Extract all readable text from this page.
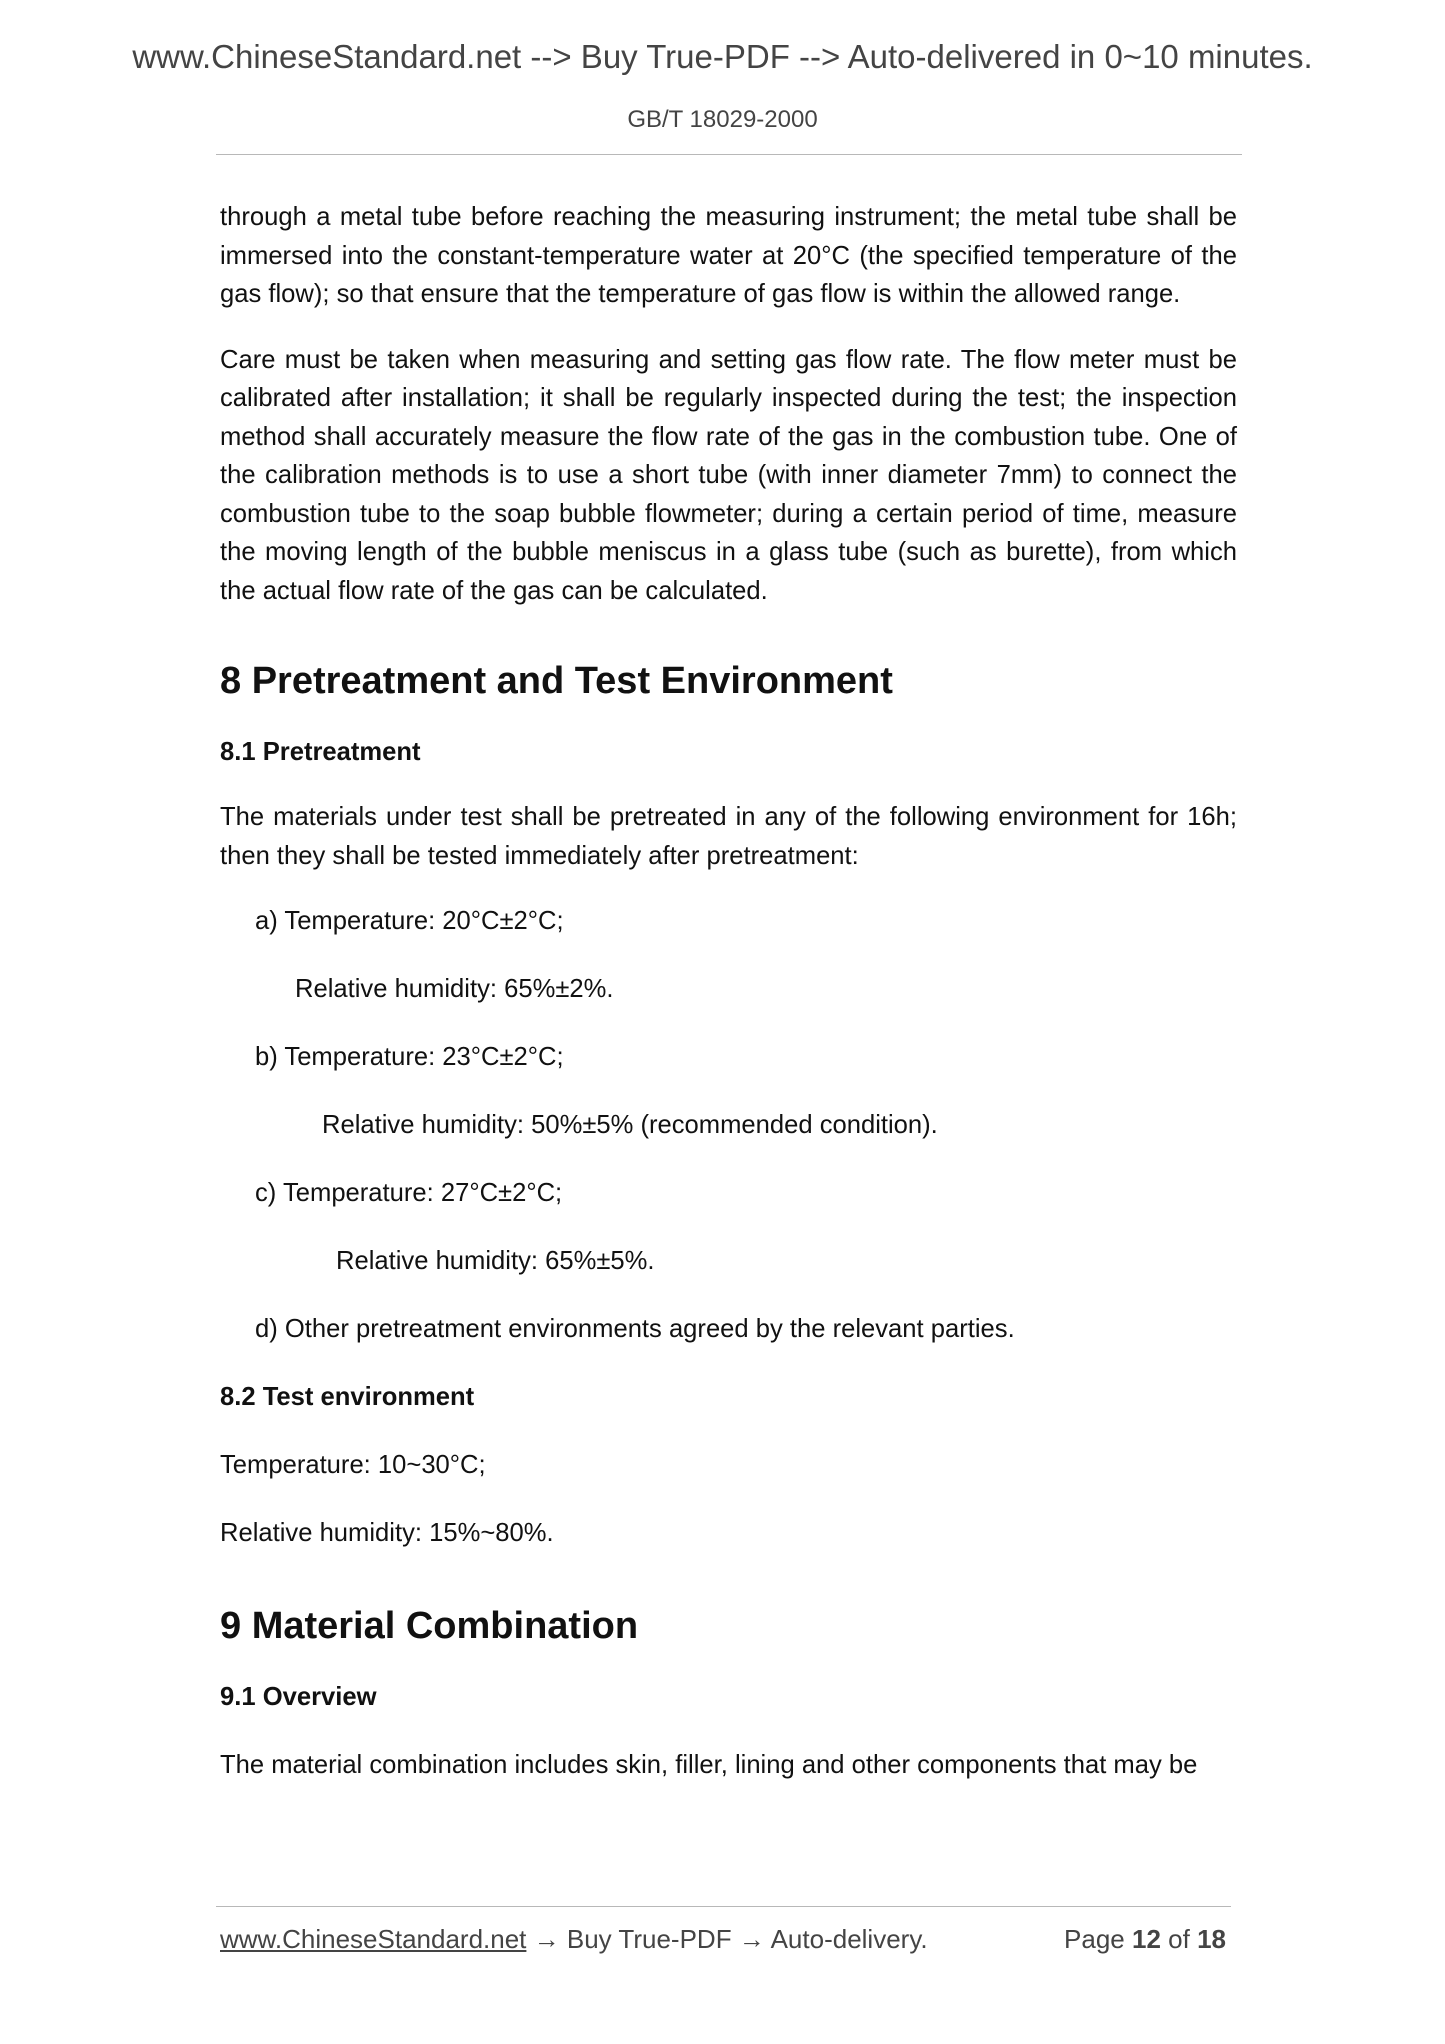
www.ChineseStandard.net --> Buy True-PDF --> Auto-delivered in 0~10 minutes.
GB/T 18029-2000

through a metal tube before reaching the measuring instrument; the metal tube shall be immersed into the constant-temperature water at 20°C (the specified temperature of the gas flow); so that ensure that the temperature of gas flow is within the allowed range.

Care must be taken when measuring and setting gas flow rate. The flow meter must be calibrated after installation; it shall be regularly inspected during the test; the inspection method shall accurately measure the flow rate of the gas in the combustion tube. One of the calibration methods is to use a short tube (with inner diameter 7mm) to connect the combustion tube to the soap bubble flowmeter; during a certain period of time, measure the moving length of the bubble meniscus in a glass tube (such as burette), from which the actual flow rate of the gas can be calculated.

8 Pretreatment and Test Environment
8.1 Pretreatment

The materials under test shall be pretreated in any of the following environment for 16h; then they shall be tested immediately after pretreatment:

a) Temperature: 20°C±2°C;
Relative humidity: 65%±2%.
b) Temperature: 23°C±2°C;
Relative humidity: 50%±5% (recommended condition).
c) Temperature: 27°C±2°C;
Relative humidity: 65%±5%.
d) Other pretreatment environments agreed by the relevant parties.
8.2 Test environment
Temperature: 10~30°C;
Relative humidity: 15%~80%.
9 Material Combination
9.1 Overview
The material combination includes skin, filler, lining and other components that may be
www.ChineseStandard.net → Buy True-PDF → Auto-delivery.	Page 12 of 18
